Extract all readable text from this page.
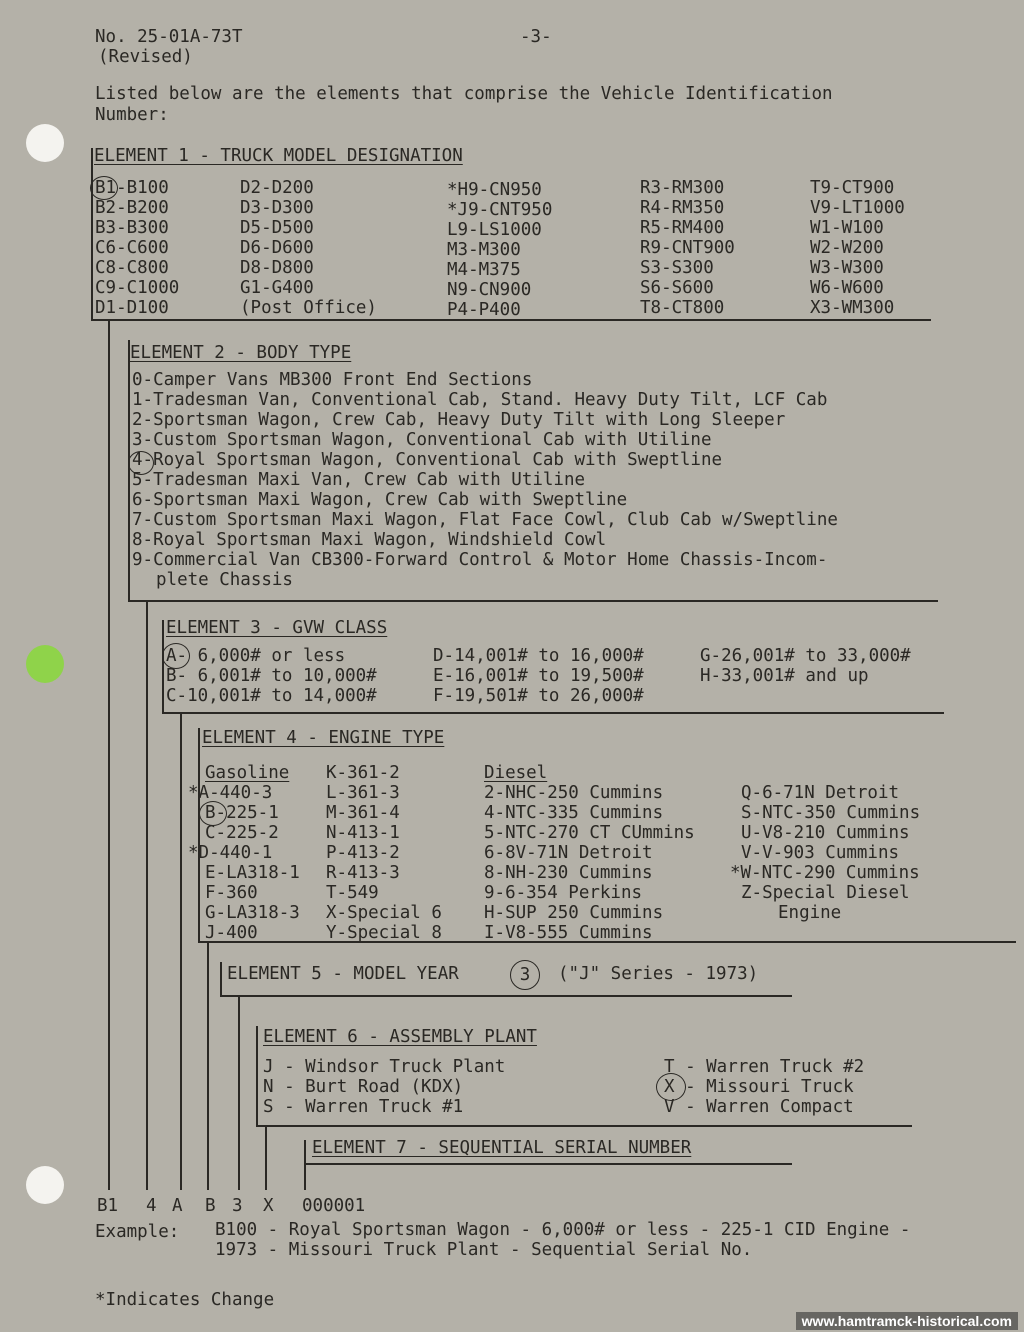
No. 25-01A-73T
(Revised)
-3-
Listed below are the elements that comprise the Vehicle Identification
Number:
ELEMENT 1 - TRUCK MODEL DESIGNATION
B1-B100
B2-B200
B3-B300
C6-C600
C8-C800
C9-C1000
D1-D100
D2-D200
D3-D300
D5-D500
D6-D600
D8-D800
G1-G400
(Post Office)
*H9-CN950
*J9-CNT950
L9-LS1000
M3-M300
M4-M375
N9-CN900
P4-P400
R3-RM300
R4-RM350
R5-RM400
R9-CNT900
S3-S300
S6-S600
T8-CT800
T9-CT900
V9-LT1000
W1-W100
W2-W200
W3-W300
W6-W600
X3-WM300
ELEMENT 2 - BODY TYPE
0-Camper Vans MB300 Front End Sections
1-Tradesman Van, Conventional Cab, Stand. Heavy Duty Tilt, LCF Cab
2-Sportsman Wagon, Crew Cab, Heavy Duty Tilt with Long Sleeper
3-Custom Sportsman Wagon, Conventional Cab with Utiline
4-Royal Sportsman Wagon, Conventional Cab with Sweptline
5-Tradesman Maxi Van, Crew Cab with Utiline
6-Sportsman Maxi Wagon, Crew Cab with Sweptline
7-Custom Sportsman Maxi Wagon, Flat Face Cowl, Club Cab w/Sweptline
8-Royal Sportsman Maxi Wagon, Windshield Cowl
9-Commercial Van CB300-Forward Control & Motor Home Chassis-Incom-
plete Chassis
ELEMENT 3 - GVW CLASS
A- 6,000# or less
B- 6,001# to 10,000#
C-10,001# to 14,000#
D-14,001# to 16,000#
E-16,001# to 19,500#
F-19,501# to 26,000#
G-26,001# to 33,000#
H-33,001# and up
ELEMENT 4 - ENGINE TYPE
Gasoline
*A-440-3
B-225-1
C-225-2
*D-440-1
E-LA318-1
F-360
G-LA318-3
J-400
K-361-2
L-361-3
M-361-4
N-413-1
P-413-2
R-413-3
T-549
X-Special 6
Y-Special 8
Diesel
2-NHC-250 Cummins
4-NTC-335 Cummins
5-NTC-270 CT CUmmins
6-8V-71N Detroit
8-NH-230 Cummins
9-6-354 Perkins
H-SUP 250 Cummins
I-V8-555 Cummins
Q-6-71N Detroit
S-NTC-350 Cummins
U-V8-210 Cummins
V-V-903 Cummins
*W-NTC-290 Cummins
Z-Special Diesel
Engine
ELEMENT 5 - MODEL YEAR	3	("J" Series - 1973)
ELEMENT 6 - ASSEMBLY PLANT
J - Windsor Truck Plant
N - Burt Road (KDX)
S - Warren Truck #1
T - Warren Truck #2
X - Missouri Truck
V - Warren Compact
ELEMENT 7 - SEQUENTIAL SERIAL NUMBER
B1 4 A B 3 X 000001
Example: B100 - Royal Sportsman Wagon - 6,000# or less - 225-1 CID Engine -
1973 - Missouri Truck Plant - Sequential Serial No.
*Indicates Change
www.hamtramck-historical.com
